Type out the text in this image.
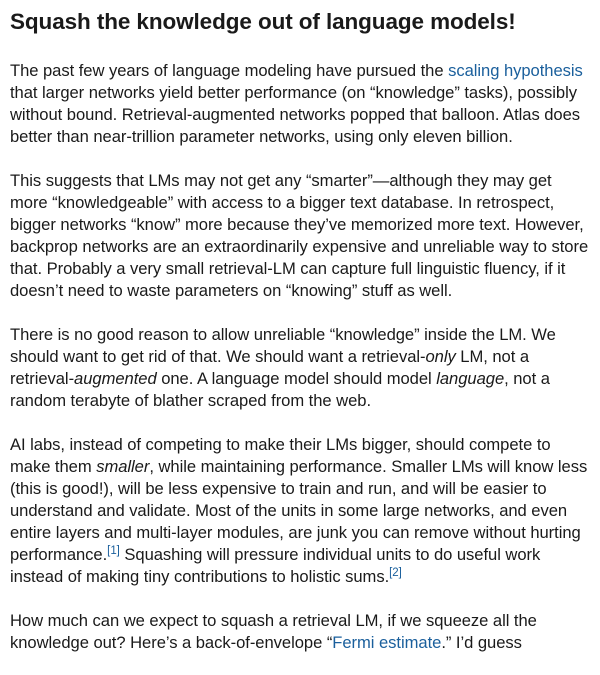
Squash the knowledge out of language models!

The past few years of language modeling have pursued the scaling hypothesis that larger networks yield better performance (on “knowledge” tasks), possibly without bound. Retrieval-augmented networks popped that balloon. Atlas does better than near-trillion parameter networks, using only eleven billion.

This suggests that LMs may not get any “smarter”—although they may get more “knowledgeable” with access to a bigger text database. In retrospect, bigger networks “know” more because they’ve memorized more text. However, backprop networks are an extraordinarily expensive and unreliable way to store that. Probably a very small retrieval-LM can capture full linguistic fluency, if it doesn’t need to waste parameters on “knowing” stuff as well.

There is no good reason to allow unreliable “knowledge” inside the LM. We should want to get rid of that. We should want a retrieval-only LM, not a retrieval-augmented one. A language model should model language, not a random terabyte of blather scraped from the web.

AI labs, instead of competing to make their LMs bigger, should compete to make them smaller, while maintaining performance. Smaller LMs will know less (this is good!), will be less expensive to train and run, and will be easier to understand and validate. Most of the units in some large networks, and even entire layers and multi-layer modules, are junk you can remove without hurting performance.[1] Squashing will pressure individual units to do useful work instead of making tiny contributions to holistic sums.[2]

How much can we expect to squash a retrieval LM, if we squeeze all the knowledge out? Here’s a back-of-envelope “Fermi estimate.” I’d guess
